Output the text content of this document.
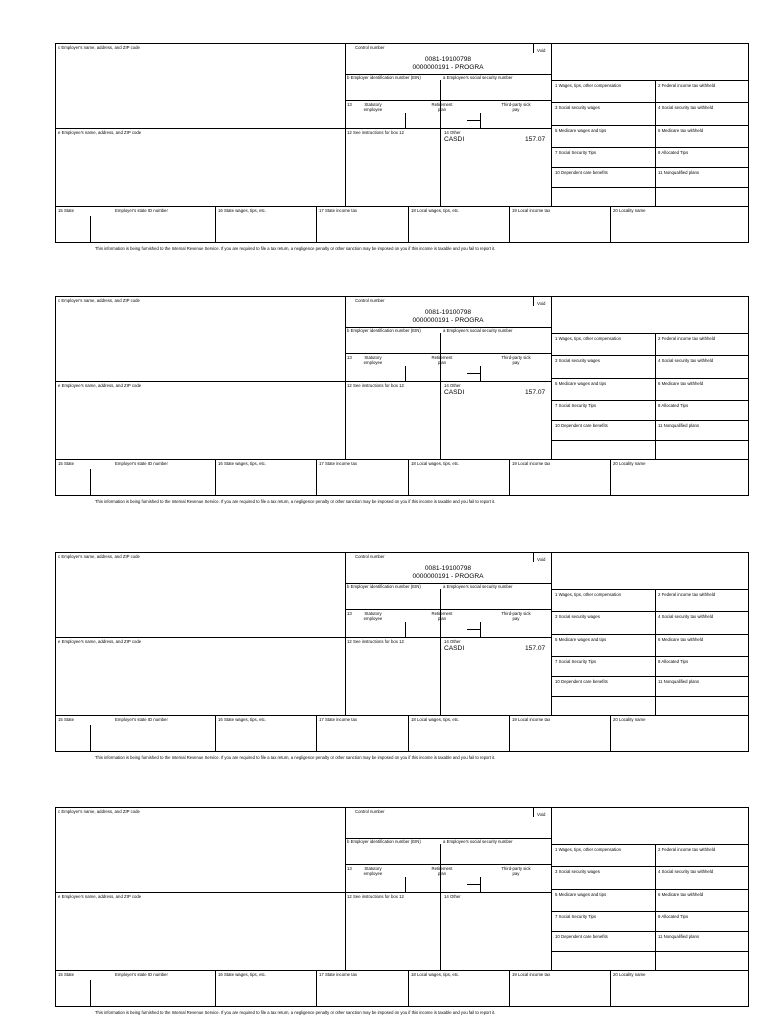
c Employer's name, address, and ZIP code	Control number
Void
0081-19100798
0000000191 - PROGRA
b Employer identification number (EIN)	a Employee's social security number
13	Statutory employee
Retirement plan
Third-party sick pay
e Employee's name, address, and ZIP code	12 See instructions for box 12	14 Other
CASDI	157.07
1 Wages, tips, other compensation	2 Federal income tax withheld
3 Social security wages	4 Social security tax withheld
5 Medicare wages and tips	6 Medicare tax withheld
7 Social Security Tips	8 Allocated Tips
10 Dependent care benefits	11 Nonqualified plans
15 State	Employer's state ID number	16 State wages, tips, etc.	17 State income tax	18 Local wages, tips, etc.	19 Local income tax	20 Locality name
This information is being furnished to the Internal Revenue Service. If you are required to file a tax return, a negligence penalty or other sanction may be imposed on you if this income is taxable and you fail to report it.
c Employer's name, address, and ZIP code	Control number
Void
0081-19100798
0000000191 - PROGRA
b Employer identification number (EIN)	a Employee's social security number
13	Statutory employee
Retirement plan
Third-party sick pay
e Employee's name, address, and ZIP code	12 See instructions for box 12	14 Other
CASDI	157.07
1 Wages, tips, other compensation	2 Federal income tax withheld
3 Social security wages	4 Social security tax withheld
5 Medicare wages and tips	6 Medicare tax withheld
7 Social Security Tips	8 Allocated Tips
10 Dependent care benefits	11 Nonqualified plans
15 State	Employer's state ID number	16 State wages, tips, etc.	17 State income tax	18 Local wages, tips, etc.	19 Local income tax	20 Locality name
This information is being furnished to the Internal Revenue Service. If you are required to file a tax return, a negligence penalty or other sanction may be imposed on you if this income is taxable and you fail to report it.
c Employer's name, address, and ZIP code	Control number
Void
0081-19100798
0000000191 - PROGRA
b Employer identification number (EIN)	a Employee's social security number
13	Statutory employee
Retirement plan
Third-party sick pay
e Employee's name, address, and ZIP code	12 See instructions for box 12	14 Other
CASDI	157.07
1 Wages, tips, other compensation	2 Federal income tax withheld
3 Social security wages	4 Social security tax withheld
5 Medicare wages and tips	6 Medicare tax withheld
7 Social Security Tips	8 Allocated Tips
10 Dependent care benefits	11 Nonqualified plans
15 State	Employer's state ID number	16 State wages, tips, etc.	17 State income tax	18 Local wages, tips, etc.	19 Local income tax	20 Locality name
This information is being furnished to the Internal Revenue Service. If you are required to file a tax return, a negligence penalty or other sanction may be imposed on you if this income is taxable and you fail to report it.
c Employer's name, address, and ZIP code	Control number
Void
b Employer identification number (EIN)	a Employee's social security number
13	Statutory employee
Retirement plan
Third-party sick pay
e Employee's name, address, and ZIP code	12 See instructions for box 12	14 Other
1 Wages, tips, other compensation	2 Federal income tax withheld
3 Social security wages	4 Social security tax withheld
5 Medicare wages and tips	6 Medicare tax withheld
7 Social Security Tips	8 Allocated Tips
10 Dependent care benefits	11 Nonqualified plans
15 State	Employer's state ID number	16 State wages, tips, etc.	17 State income tax	18 Local wages, tips, etc.	19 Local income tax	20 Locality name
This information is being furnished to the Internal Revenue Service. If you are required to file a tax return, a negligence penalty or other sanction may be imposed on you if this income is taxable and you fail to report it.
